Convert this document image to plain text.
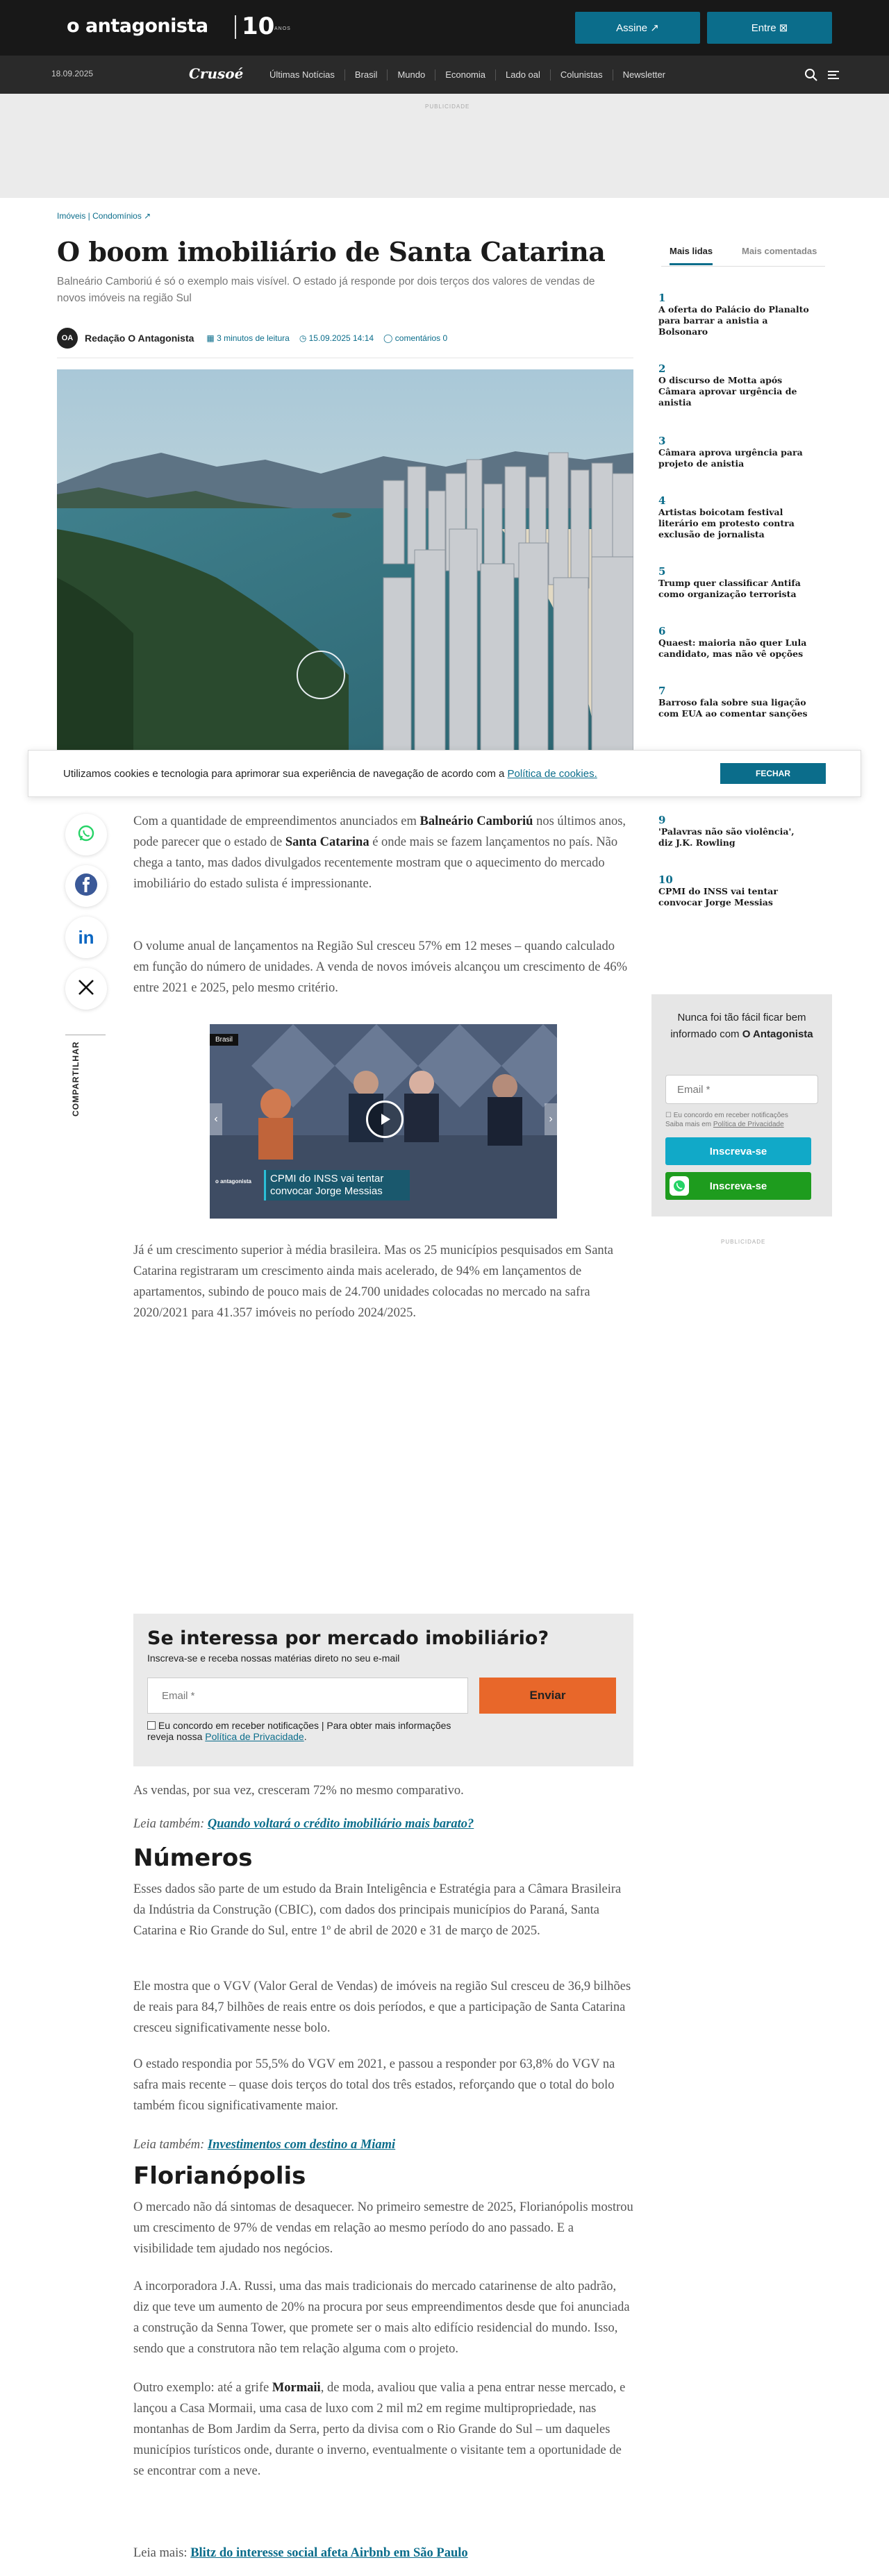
o antagonista 10 ANOS	Assine ↗	Entre ⊠
18.09.2025	Crusoé	Últimas Notícias	Brasil	Mundo	Economia	Lado oal	Colunistas	Newsletter
PUBLICIDADE
Imóveis | Condomínios ↗
O boom imobiliário de Santa Catarina

Balneário Camboriú é só o exemplo mais visível. O estado já responde por dois terços dos valores de vendas de novos imóveis na região Sul

OA	Redação O Antagonista ▦ 3 minutos de leitura ◷ 15.09.2025 14:14 ◯ comentários 0
Mais lidas	Mais comentadas
1
A oferta do Palácio do Planalto para barrar a anistia a Bolsonaro
2
O discurso de Motta após Câmara aprovar urgência de anistia
3
Câmara aprova urgência para projeto de anistia
4
Artistas boicotam festival literário em protesto contra exclusão de jornalista
5
Trump quer classificar Antifa como organização terrorista
6
Quaest: maioria não quer Lula candidato, mas não vê opções
7
Barroso fala sobre sua ligação com EUA ao comentar sanções
9
'Palavras não são violência', diz J.K. Rowling
10
CPMI do INSS vai tentar convocar Jorge Messias
Nunca foi tão fácil ficar bem informado com O Antagonista
Email *
☐ Eu concordo em receber notificações
Saiba mais em Política de Privacidade
Inscreva-se
Inscreva-se
PUBLICIDADE
Utilizamos cookies e tecnologia para aprimorar sua experiência de navegação de acordo com a Política de cookies.	FECHAR
in
COMPARTILHAR

Com a quantidade de empreendimentos anunciados em Balneário Camboriú nos últimos anos, pode parecer que o estado de Santa Catarina é onde mais se fazem lançamentos no país. Não chega a tanto, mas dados divulgados recentemente mostram que o aquecimento do mercado imobiliário do estado sulista é impressionante.

O volume anual de lançamentos na Região Sul cresceu 57% em 12 meses – quando calculado em função do número de unidades. A venda de novos imóveis alcançou um crescimento de 46% entre 2021 e 2025, pelo mesmo critério.

Brasil
‹	›
o antagonista	CPMI do INSS vai tentar convocar Jorge Messias

Já é um crescimento superior à média brasileira. Mas os 25 municípios pesquisados em Santa Catarina registraram um crescimento ainda mais acelerado, de 94% em lançamentos de apartamentos, subindo de pouco mais de 24.700 unidades colocadas no mercado na safra 2020/2021 para 41.357 imóveis no período 2024/2025.

Se interessa por mercado imobiliário?
Inscreva-se e receba nossas matérias direto no seu e-mail
Email *	Enviar
Eu concordo em receber notificações | Para obter mais informações reveja nossa Política de Privacidade.

As vendas, por sua vez, cresceram 72% no mesmo comparativo.

Leia também: Quando voltará o crédito imobiliário mais barato?

Números

Esses dados são parte de um estudo da Brain Inteligência e Estratégia para a Câmara Brasileira da Indústria da Construção (CBIC), com dados dos principais municípios do Paraná, Santa Catarina e Rio Grande do Sul, entre 1º de abril de 2020 e 31 de março de 2025.

Ele mostra que o VGV (Valor Geral de Vendas) de imóveis na região Sul cresceu de 36,9 bilhões de reais para 84,7 bilhões de reais entre os dois períodos, e que a participação de Santa Catarina cresceu significativamente nesse bolo.

O estado respondia por 55,5% do VGV em 2021, e passou a responder por 63,8% do VGV na safra mais recente – quase dois terços do total dos três estados, reforçando que o total do bolo também ficou significativamente maior.

Leia também: Investimentos com destino a Miami

Florianópolis

O mercado não dá sintomas de desaquecer. No primeiro semestre de 2025, Florianópolis mostrou um crescimento de 97% de vendas em relação ao mesmo período do ano passado. E a visibilidade tem ajudado nos negócios.

A incorporadora J.A. Russi, uma das mais tradicionais do mercado catarinense de alto padrão, diz que teve um aumento de 20% na procura por seus empreendimentos desde que foi anunciada a construção da Senna Tower, que promete ser o mais alto edifício residencial do mundo. Isso, sendo que a construtora não tem relação alguma com o projeto.

Outro exemplo: até a grife Mormaii, de moda, avaliou que valia a pena entrar nesse mercado, e lançou a Casa Mormaii, uma casa de luxo com 2 mil m2 em regime multipropriedade, nas montanhas de Bom Jardim da Serra, perto da divisa com o Rio Grande do Sul – um daqueles municípios turísticos onde, durante o inverno, eventualmente o visitante tem a oportunidade de se encontrar com a neve.

Leia mais: Blitz do interesse social afeta Airbnb em São Paulo
